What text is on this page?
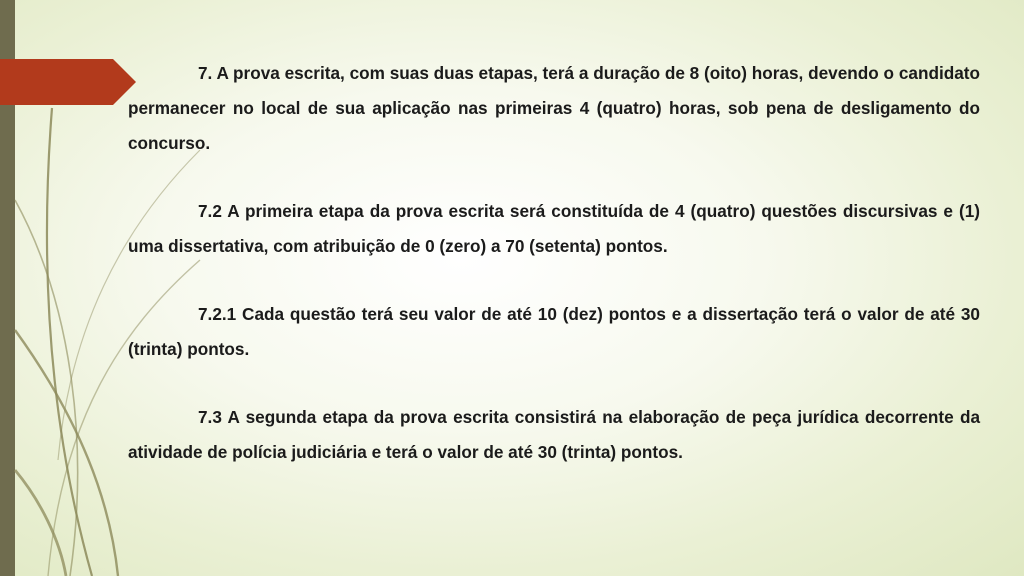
7. A prova escrita, com suas duas etapas, terá a duração de 8 (oito) horas, devendo o candidato permanecer no local de sua aplicação nas primeiras 4 (quatro) horas, sob pena de desligamento do concurso.

7.2 A primeira etapa da prova escrita será constituída de 4 (quatro) questões discursivas e (1) uma dissertativa, com atribuição de 0 (zero) a 70 (setenta) pontos.

7.2.1 Cada questão terá seu valor de até 10 (dez) pontos e a dissertação terá o valor de até 30 (trinta) pontos.

7.3 A segunda etapa da prova escrita consistirá na elaboração de peça jurídica decorrente da atividade de polícia judiciária e terá o valor de até 30 (trinta) pontos.
